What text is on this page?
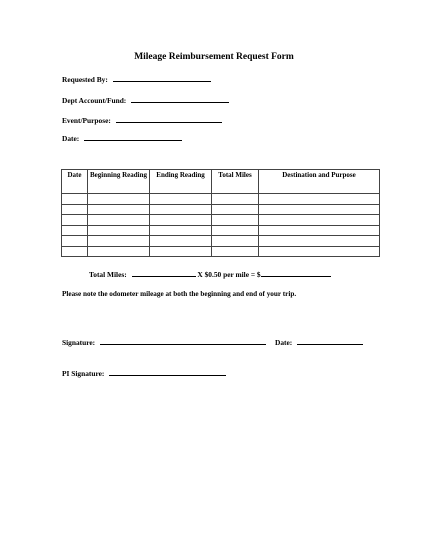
Mileage Reimbursement Request Form
Requested By:
Dept Account/Fund:
Event/Purpose:
Date:
Date	Beginning Reading	Ending Reading	Total Miles	Destination and Purpose

Total Miles:	X $0.50 per mile = $
Please note the odometer mileage at both the beginning and end of your trip.
Signature:	Date:
PI Signature:
